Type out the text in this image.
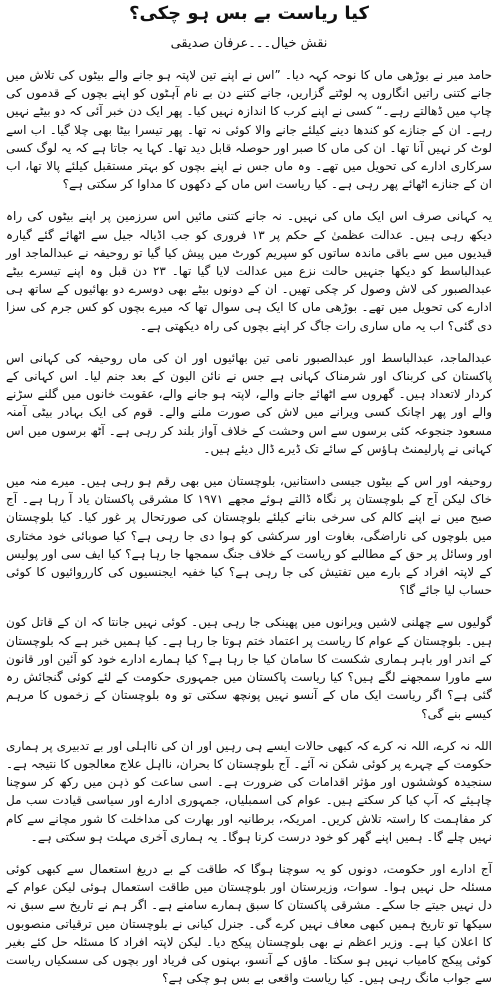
کیا ریاست بے بس ہو چکی؟
نقش خیال۔۔۔عرفان صدیقی

حامد میر نے بوڑھی ماں کا نوحہ کہہ دیا۔ ”اس نے اپنے تین لاپتہ ہو جانے والے بیٹوں کی تلاش میں جانے کتنی راتیں انگاروں پہ لوٹتے گزاریں، جانے کتنے دن بے نام آہٹوں کو اپنے بچوں کے قدموں کی چاپ میں ڈھالتے رہے۔“ کسی نے اپنے کرب کا اندازہ نہیں کیا۔ پھر ایک دن خبر آئی کہ دو بیٹے نہیں رہے۔ ان کے جنازے کو کندھا دینے کیلئے جانے والا کوئی نہ تھا۔ پھر تیسرا بیٹا بھی چلا گیا۔ اب اسے لوٹ کر نہیں آنا تھا۔ ان کی ماں کا صبر اور حوصلہ قابل دید تھا۔ کہا یہ جاتا ہے کہ یہ لوگ کسی سرکاری ادارے کی تحویل میں تھے۔ وہ ماں جس نے اپنے بچوں کو بہتر مستقبل کیلئے پالا تھا، اب ان کے جنازے اٹھائے پھر رہی ہے۔ کیا ریاست اس ماں کے دکھوں کا مداوا کر سکتی ہے؟

یہ کہانی صرف اس ایک ماں کی نہیں۔ نہ جانے کتنی مائیں اس سرزمین پر اپنے بیٹوں کی راہ دیکھ رہی ہیں۔ عدالت عظمیٰ کے حکم پر ۱۳ فروری کو جب اڈیالہ جیل سے اٹھائے گئے گیارہ قیدیوں میں سے باقی ماندہ ساتوں کو سپریم کورٹ میں پیش کیا گیا تو روحیفہ نے عبدالماجد اور عبدالباسط کو دیکھا جنہیں حالت نزع میں عدالت لایا گیا تھا۔ ۲۳ دن قبل وہ اپنے تیسرے بیٹے عبدالصبور کی لاش وصول کر چکی تھیں۔ ان کے دونوں بیٹے بھی دوسرے دو بھائیوں کے ساتھ ہی ادارے کی تحویل میں تھے۔ بوڑھی ماں کا ایک ہی سوال تھا کہ میرے بچوں کو کس جرم کی سزا دی گئی؟ اب یہ ماں ساری رات جاگ کر اپنے بچوں کی راہ دیکھتی ہے۔

عبدالماجد، عبدالباسط اور عبدالصبور نامی تین بھائیوں اور ان کی ماں روحیفہ کی کہانی اس پاکستان کی کربناک اور شرمناک کہانی ہے جس نے نائن الیون کے بعد جنم لیا۔ اس کہانی کے کردار لاتعداد ہیں۔ گھروں سے اٹھائے جانے والے، لاپتہ ہو جانے والے، عقوبت خانوں میں گلنے سڑنے والے اور پھر اچانک کسی ویرانے میں لاش کی صورت ملنے والے۔ قوم کی ایک بہادر بیٹی آمنہ مسعود جنجوعہ کئی برسوں سے اس وحشت کے خلاف آواز بلند کر رہی ہے۔ آٹھ برسوں میں اس کہانی نے پارلیمنٹ ہاؤس کے سائے تک ڈیرے ڈال دیئے ہیں۔

روحیفہ اور اس کے بیٹوں جیسی داستانیں، بلوچستان میں بھی رقم ہو رہی ہیں۔ میرے منہ میں خاک لیکن آج کے بلوچستان پر نگاہ ڈالتے ہوئے مجھے ۱۹۷۱ کا مشرقی پاکستان یاد آ رہا ہے۔ آج صبح میں نے اپنے کالم کی سرخی بنانے کیلئے بلوچستان کی صورتحال پر غور کیا۔ کیا بلوچستان میں بلوچوں کی ناراضگی، بغاوت اور سرکشی کو ہوا دی جا رہی ہے؟ کیا صوبائی خود مختاری اور وسائل پر حق کے مطالبے کو ریاست کے خلاف جنگ سمجھا جا رہا ہے؟ کیا ایف سی اور پولیس کے لاپتہ افراد کے بارے میں تفتیش کی جا رہی ہے؟ کیا خفیہ ایجنسیوں کی کارروائیوں کا کوئی حساب لیا جائے گا؟

گولیوں سے چھلنی لاشیں ویرانوں میں پھینکی جا رہی ہیں۔ کوئی نہیں جانتا کہ ان کے قاتل کون ہیں۔ بلوچستان کے عوام کا ریاست پر اعتماد ختم ہوتا جا رہا ہے۔ کیا ہمیں خبر ہے کہ بلوچستان کے اندر اور باہر ہماری شکست کا سامان کیا جا رہا ہے؟ کیا ہمارے ادارے خود کو آئین اور قانون سے ماورا سمجھنے لگے ہیں؟ کیا ریاست پاکستان میں جمہوری حکومت کے لئے کوئی گنجائش رہ گئی ہے؟ اگر ریاست ایک ماں کے آنسو نہیں پونچھ سکتی تو وہ بلوچستان کے زخموں کا مرہم کیسے بنے گی؟

اللہ نہ کرے، اللہ نہ کرے کہ کبھی حالات ایسے ہی رہیں اور ان کی نااہلی اور بے تدبیری پر ہماری حکومت کے چہرے پر کوئی شکن نہ آئے۔ آج بلوچستان کا بحران، نااہل علاج معالجوں کا نتیجہ ہے۔ سنجیدہ کوششوں اور مؤثر اقدامات کی ضرورت ہے۔ اسی ساعت کو ذہن میں رکھ کر سوچنا چاہیئے کہ آپ کیا کر سکتے ہیں۔ عوام کی اسمبلیاں، جمہوری ادارے اور سیاسی قیادت سب مل کر مفاہمت کا راستہ تلاش کریں۔ امریکہ، برطانیہ اور بھارت کی مداخلت کا شور مچانے سے کام نہیں چلے گا۔ ہمیں اپنے گھر کو خود درست کرنا ہوگا۔ یہ ہماری آخری مہلت ہو سکتی ہے۔

آج ادارے اور حکومت، دونوں کو یہ سوچنا ہوگا کہ طاقت کے بے دریغ استعمال سے کبھی کوئی مسئلہ حل نہیں ہوا۔ سوات، وزیرستان اور بلوچستان میں طاقت استعمال ہوئی لیکن عوام کے دل نہیں جیتے جا سکے۔ مشرقی پاکستان کا سبق ہمارے سامنے ہے۔ اگر ہم نے تاریخ سے سبق نہ سیکھا تو تاریخ ہمیں کبھی معاف نہیں کرے گی۔ جنرل کیانی نے بلوچستان میں ترقیاتی منصوبوں کا اعلان کیا ہے۔ وزیر اعظم نے بھی بلوچستان پیکج دیا۔ لیکن لاپتہ افراد کا مسئلہ حل کئے بغیر کوئی پیکج کامیاب نہیں ہو سکتا۔ ماؤں کے آنسو، بہنوں کی فریاد اور بچوں کی سسکیاں ریاست سے جواب مانگ رہی ہیں۔ کیا ریاست واقعی بے بس ہو چکی ہے؟
